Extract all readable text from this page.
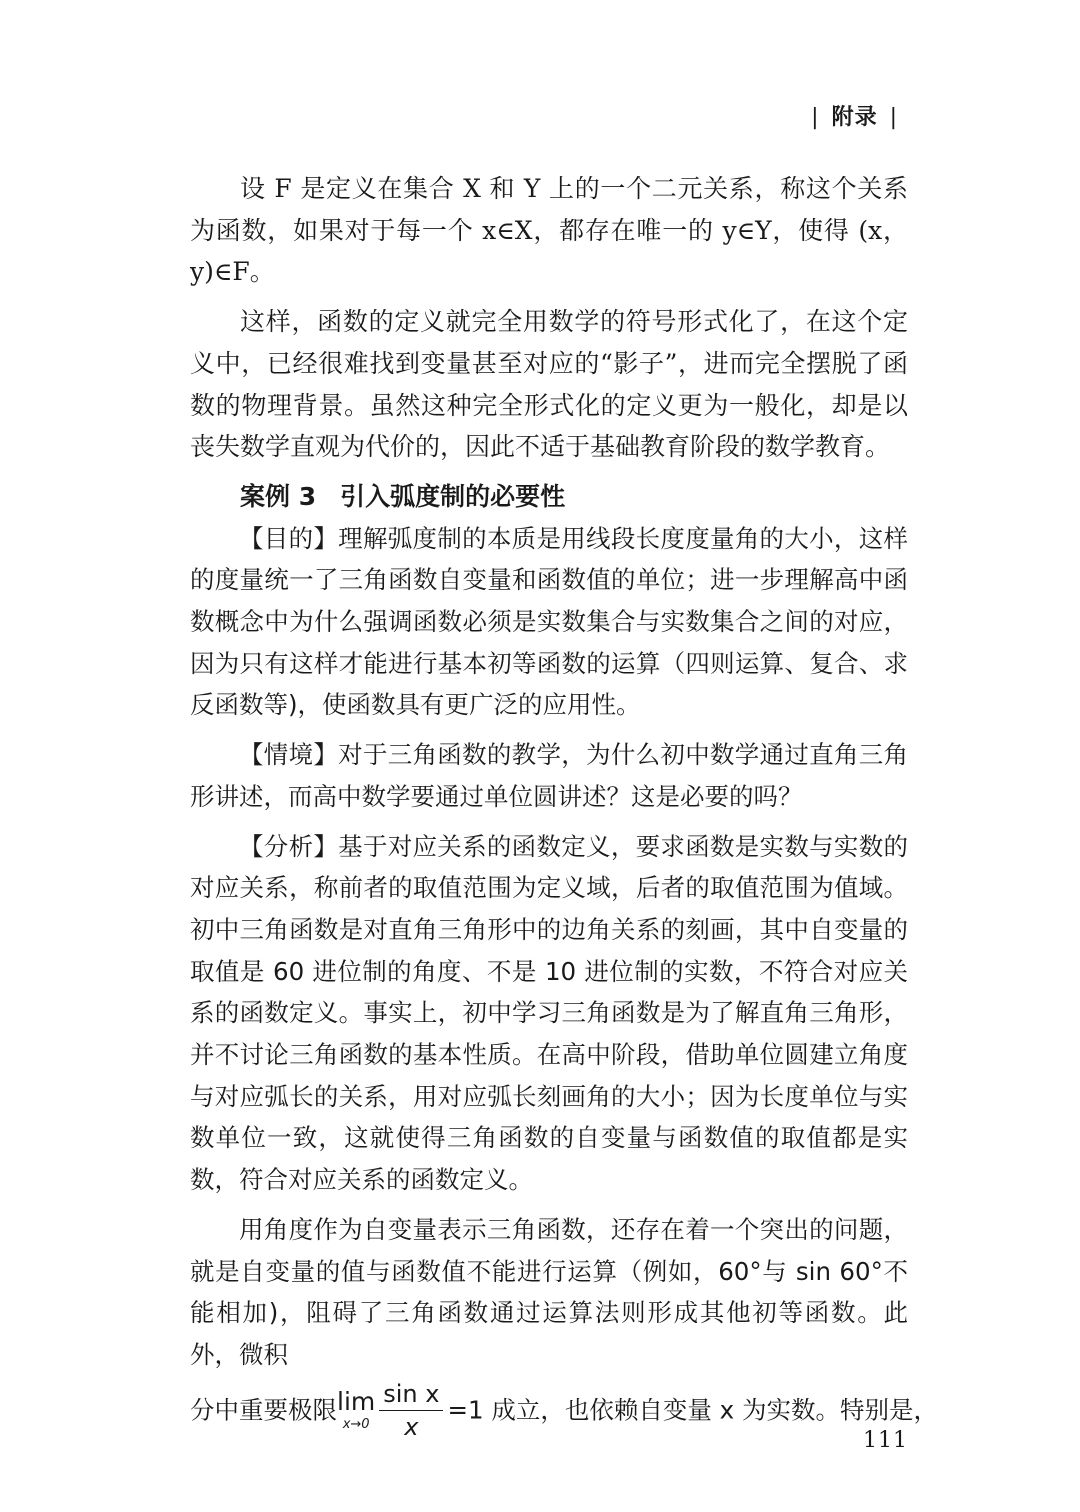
| 附录 |

设 F 是定义在集合 X 和 Y 上的一个二元关系，称这个关系为函数，如果对于每一个 x∈X，都存在唯一的 y∈Y，使得 (x，y)∈F。

这样，函数的定义就完全用数学的符号形式化了，在这个定义中，已经很难找到变量甚至对应的“影子”，进而完全摆脱了函数的物理背景。虽然这种完全形式化的定义更为一般化，却是以丧失数学直观为代价的，因此不适于基础教育阶段的数学教育。

案例 3 引入弧度制的必要性

【目的】理解弧度制的本质是用线段长度度量角的大小，这样的度量统一了三角函数自变量和函数值的单位；进一步理解高中函数概念中为什么强调函数必须是实数集合与实数集合之间的对应，因为只有这样才能进行基本初等函数的运算（四则运算、复合、求反函数等)，使函数具有更广泛的应用性。

【情境】对于三角函数的教学，为什么初中数学通过直角三角形讲述，而高中数学要通过单位圆讲述？这是必要的吗？

【分析】基于对应关系的函数定义，要求函数是实数与实数的对应关系，称前者的取值范围为定义域，后者的取值范围为值域。初中三角函数是对直角三角形中的边角关系的刻画，其中自变量的取值是 60 进位制的角度、不是 10 进位制的实数，不符合对应关系的函数定义。事实上，初中学习三角函数是为了解直角三角形，并不讨论三角函数的基本性质。在高中阶段，借助单位圆建立角度与对应弧长的关系，用对应弧长刻画角的大小；因为长度单位与实数单位一致，这就使得三角函数的自变量与函数值的取值都是实数，符合对应关系的函数定义。

用角度作为自变量表示三角函数，还存在着一个突出的问题，就是自变量的值与函数值不能进行运算（例如，60°与 sin 60°不能相加)，阻碍了三角函数通过运算法则形成其他初等函数。此外，微积

分中重要极限 lim
$x\to 0 \frac{\text{sin x}}{x} =1$ 成立，也依赖自变量 x 为实数。特别是，
111
